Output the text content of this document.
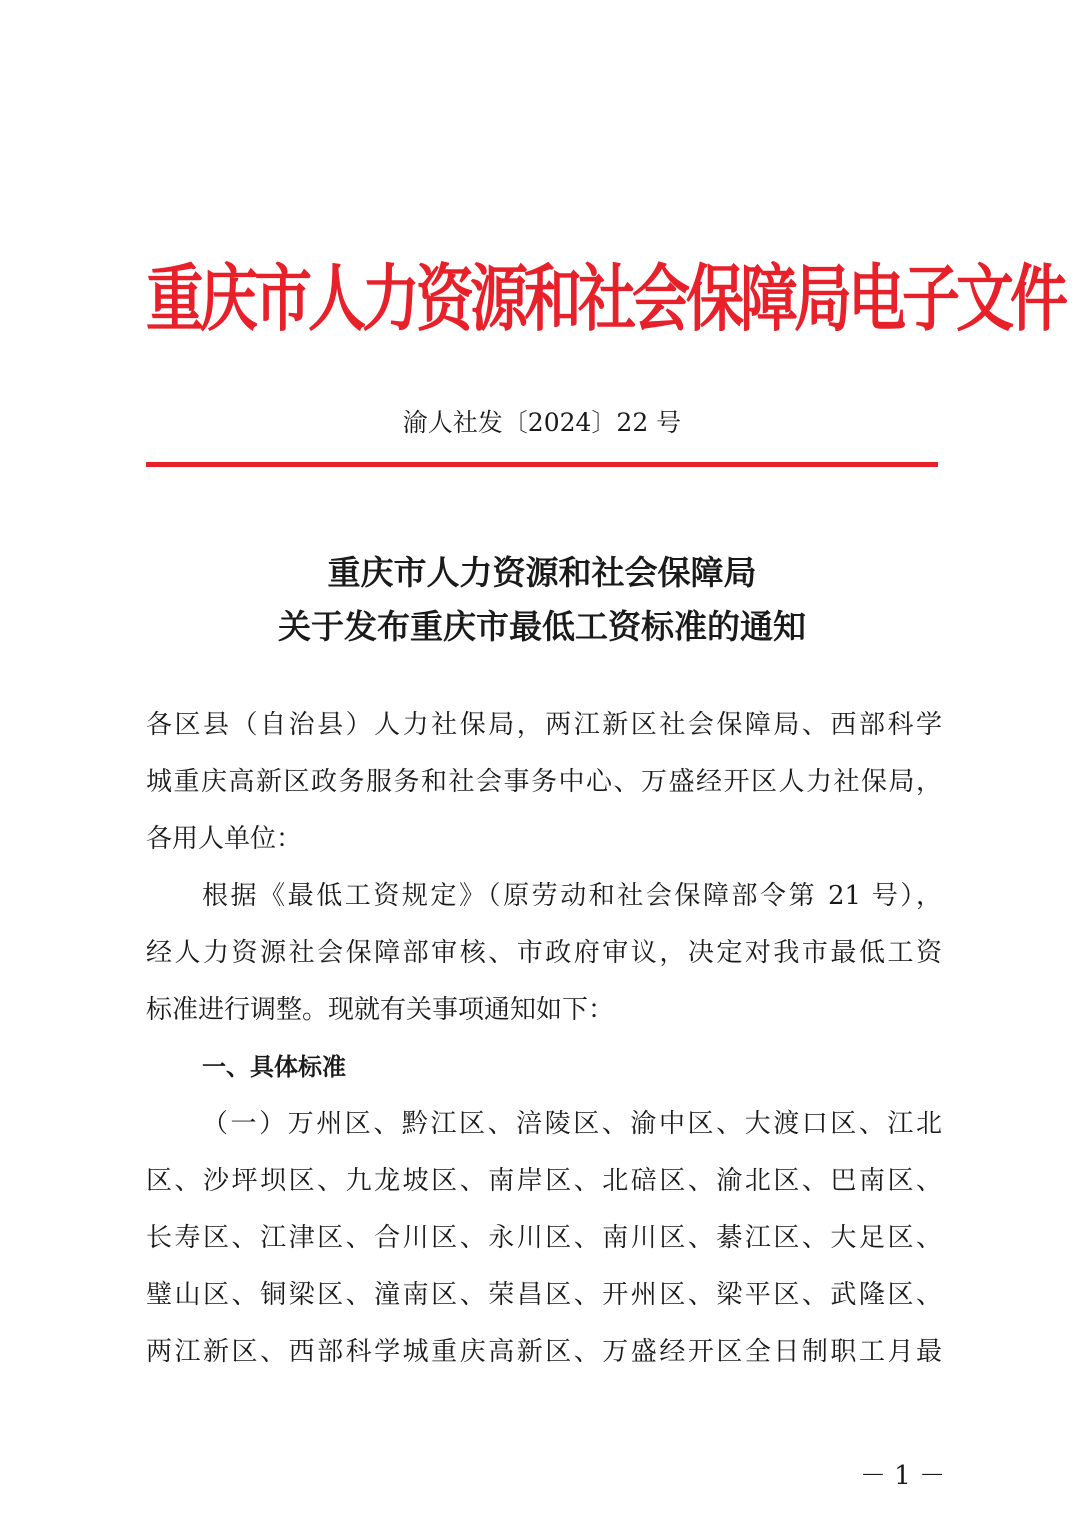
重庆市人力资源和社会保障局电子文件
渝人社发〔2024〕22 号
重庆市人力资源和社会保障局
关于发布重庆市最低工资标准的通知
各区县（自治县）人力社保局，两江新区社会保障局、西部科学
城重庆高新区政务服务和社会事务中心、万盛经开区人力社保局，
各用人单位：
根据《最低工资规定》（原劳动和社会保障部令第 21 号），
经人力资源社会保障部审核、市政府审议，决定对我市最低工资
标准进行调整。现就有关事项通知如下：
一、具体标准
（一）万州区、黔江区、涪陵区、渝中区、大渡口区、江北
区、沙坪坝区、九龙坡区、南岸区、北碚区、渝北区、巴南区、
长寿区、江津区、合川区、永川区、南川区、綦江区、大足区、
璧山区、铜梁区、潼南区、荣昌区、开州区、梁平区、武隆区、
两江新区、西部科学城重庆高新区、万盛经开区全日制职工月最
－ 1 －
